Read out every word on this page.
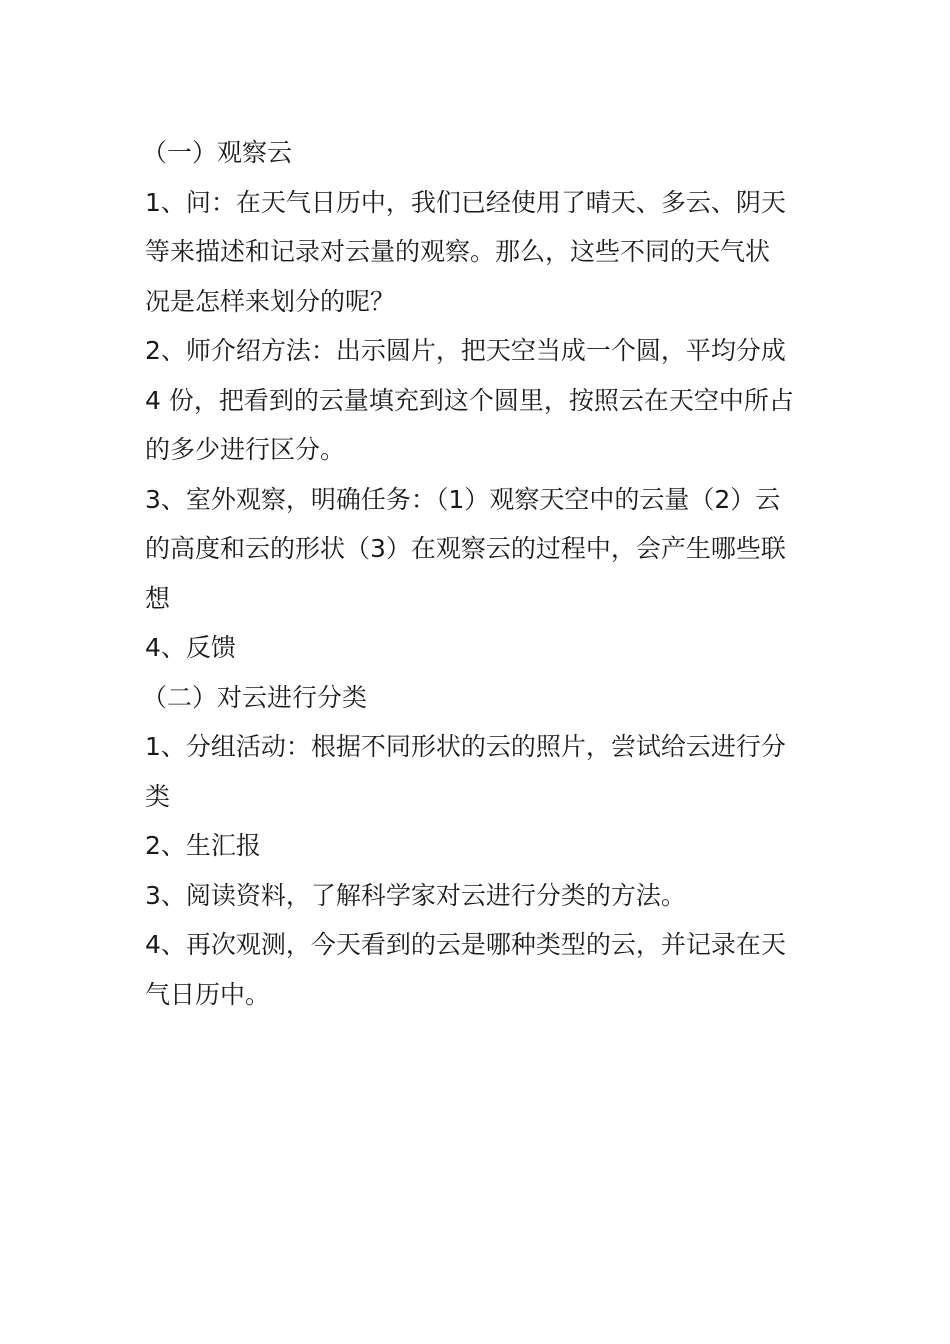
（一）观察云
1、问：在天气日历中，我们已经使用了晴天、多云、阴天
等来描述和记录对云量的观察。那么，这些不同的天气状
况是怎样来划分的呢？
2、师介绍方法：出示圆片，把天空当成一个圆，平均分成
4 份，把看到的云量填充到这个圆里，按照云在天空中所占
的多少进行区分。
3、室外观察，明确任务：（1）观察天空中的云量（2）云
的高度和云的形状（3）在观察云的过程中，会产生哪些联
想
4、反馈
（二）对云进行分类
1、分组活动：根据不同形状的云的照片，尝试给云进行分
类
2、生汇报
3、阅读资料，了解科学家对云进行分类的方法。
4、再次观测，今天看到的云是哪种类型的云，并记录在天
气日历中。
